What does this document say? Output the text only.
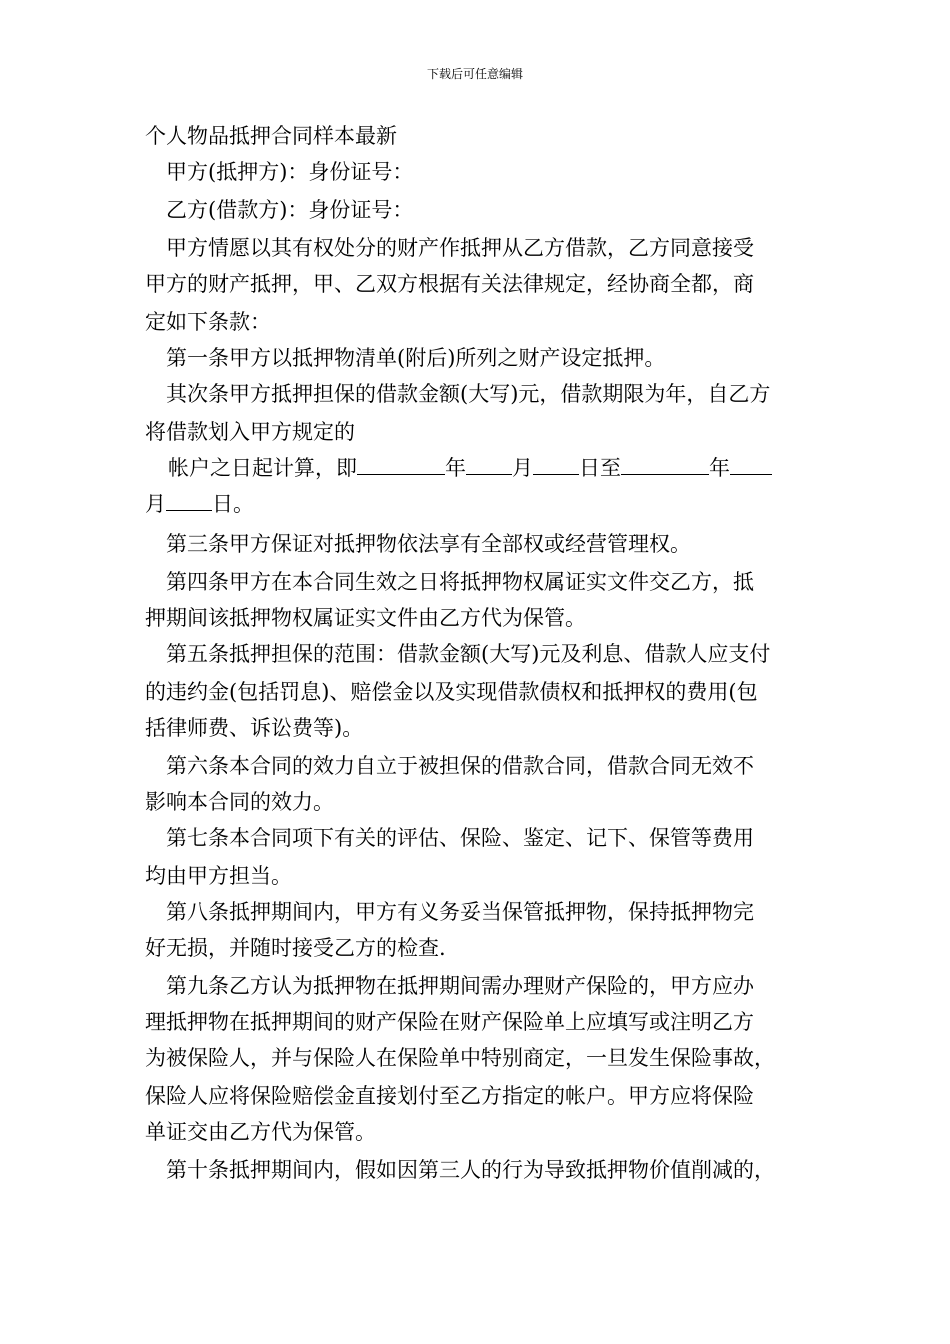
下载后可任意编辑
个人物品抵押合同样本最新
甲方(抵押方)：身份证号：
乙方(借款方)：身份证号：
甲方情愿以其有权处分的财产作抵押从乙方借款，乙方同意接受
甲方的财产抵押，甲、乙双方根据有关法律规定，经协商全都，商
定如下条款：
第一条甲方以抵押物清单(附后)所列之财产设定抵押。
其次条甲方抵押担保的借款金额(大写)元，借款期限为年，自乙方
将借款划入甲方规定的
帐户之日起计算，即	年 月 日至	年
月 日。
第三条甲方保证对抵押物依法享有全部权或经营管理权。
第四条甲方在本合同生效之日将抵押物权属证实文件交乙方，抵
押期间该抵押物权属证实文件由乙方代为保管。
第五条抵押担保的范围：借款金额(大写)元及利息、借款人应支付
的违约金(包括罚息)、赔偿金以及实现借款债权和抵押权的费用(包
括律师费、诉讼费等)。
第六条本合同的效力自立于被担保的借款合同，借款合同无效不
影响本合同的效力。
第七条本合同项下有关的评估、保险、鉴定、记下、保管等费用
均由甲方担当。
第八条抵押期间内，甲方有义务妥当保管抵押物，保持抵押物完
好无损，并随时接受乙方的检查.
第九条乙方认为抵押物在抵押期间需办理财产保险的，甲方应办
理抵押物在抵押期间的财产保险在财产保险单上应填写或注明乙方
为被保险人，并与保险人在保险单中特别商定，一旦发生保险事故，
保险人应将保险赔偿金直接划付至乙方指定的帐户。甲方应将保险
单证交由乙方代为保管。
第十条抵押期间内，假如因第三人的行为导致抵押物价值削减的，
